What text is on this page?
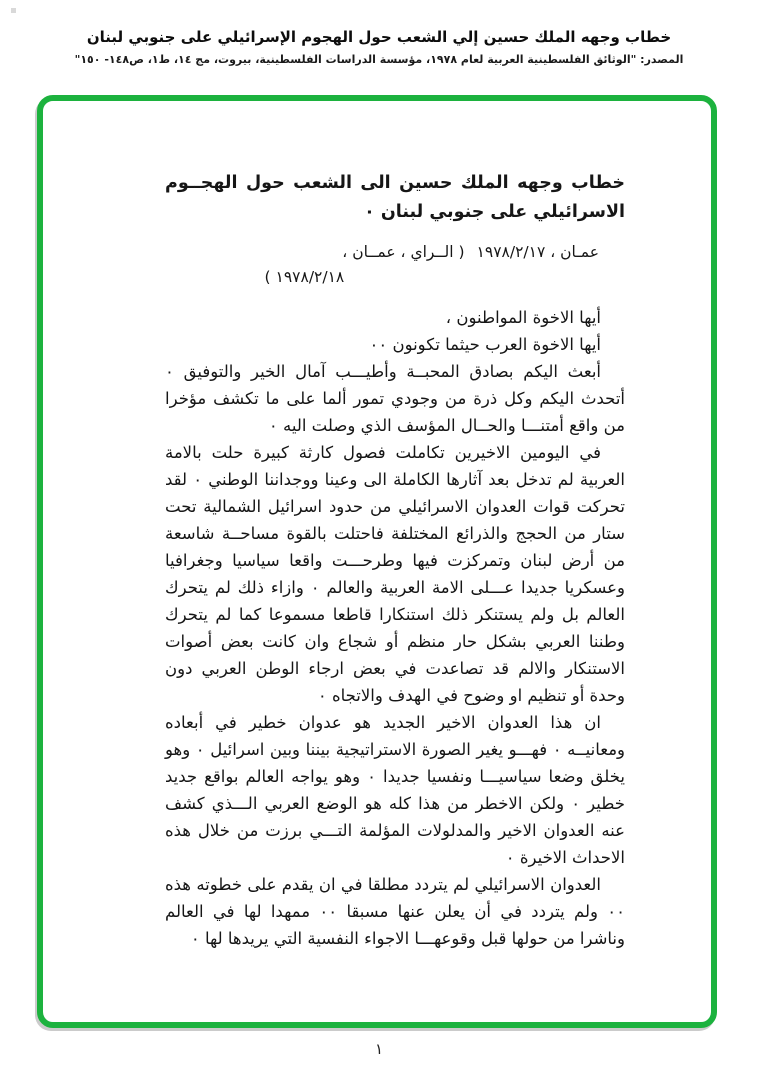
خطاب وجهه الملك حسين إلي الشعب حول الهجوم الإسرائيلي على جنوبي لبنان
المصدر: "الوثائق الفلسطينية العربية لعام ١٩٧٨، مؤسسة الدراسات الفلسطينية، بيروت، مج ١٤، ط١، ص١٤٨- ١٥٠"
خطاب وجهه الملك حسين الى الشعب حول الهجــوم الاسرائيلي على جنوبي لبنان ٠
عمـان ، ١٩٧٨/٢/١٧
( الــراي ، عمــان ،
١٩٧٨/٢/١٨ )

أيها الاخوة المواطنون ،

أيها الاخوة العرب حيثما تكونون ٠٠

أبعث اليكم بصادق المحبــة وأطيـــب آمال الخير والتوفيق ٠ أتحدث اليكم وكل ذرة من وجودي تمور ألما على ما تكشف مؤخرا من واقع أمتنـــا والحــال المؤسف الذي وصلت اليه ٠

في اليومين الاخيرين تكاملت فصول كارثة كبيرة حلت بالامة العربية لم تدخل بعد آثارها الكاملة الى وعينا ووجداننا الوطني ٠ لقد تحركت قوات العدوان الاسرائيلي من حدود اسرائيل الشمالية تحت ستار من الحجج والذرائع المختلفة فاحتلت بالقوة مساحــة شاسعة من أرض لبنان وتمركزت فيها وطرحـــت واقعا سياسيا وجغرافيا وعسكريا جديدا عـــلى الامة العربية والعالم ٠ وازاء ذلك لم يتحرك العالم بل ولم يستنكر ذلك استنكارا قاطعا مسموعا كما لم يتحرك وطننا العربي بشكل حار منظم أو شجاع وان كانت بعض أصوات الاستنكار والالم قد تصاعدت في بعض ارجاء الوطن العربي دون وحدة أو تنظيم او وضوح في الهدف والاتجاه ٠

ان هذا العدوان الاخير الجديد هو عدوان خطير في أبعاده ومعانيــه ٠ فهـــو يغير الصورة الاستراتيجية بيننا وبين اسرائيل ٠ وهو يخلق وضعا سياسيـــا ونفسيا جديدا ٠ وهو يواجه العالم بواقع جديد خطير ٠ ولكن الاخطر من هذا كله هو الوضع العربي الـــذي كشف عنه العدوان الاخير والمدلولات المؤلمة التـــي برزت من خلال هذه الاحداث الاخيرة ٠

العدوان الاسرائيلي لم يتردد مطلقا في ان يقدم على خطوته هذه ٠٠ ولم يتردد في أن يعلن عنها مسبقا ٠٠ ممهدا لها في العالم وناشرا من حولها قبل وقوعهـــا الاجواء النفسية التي يريدها لها ٠

١
